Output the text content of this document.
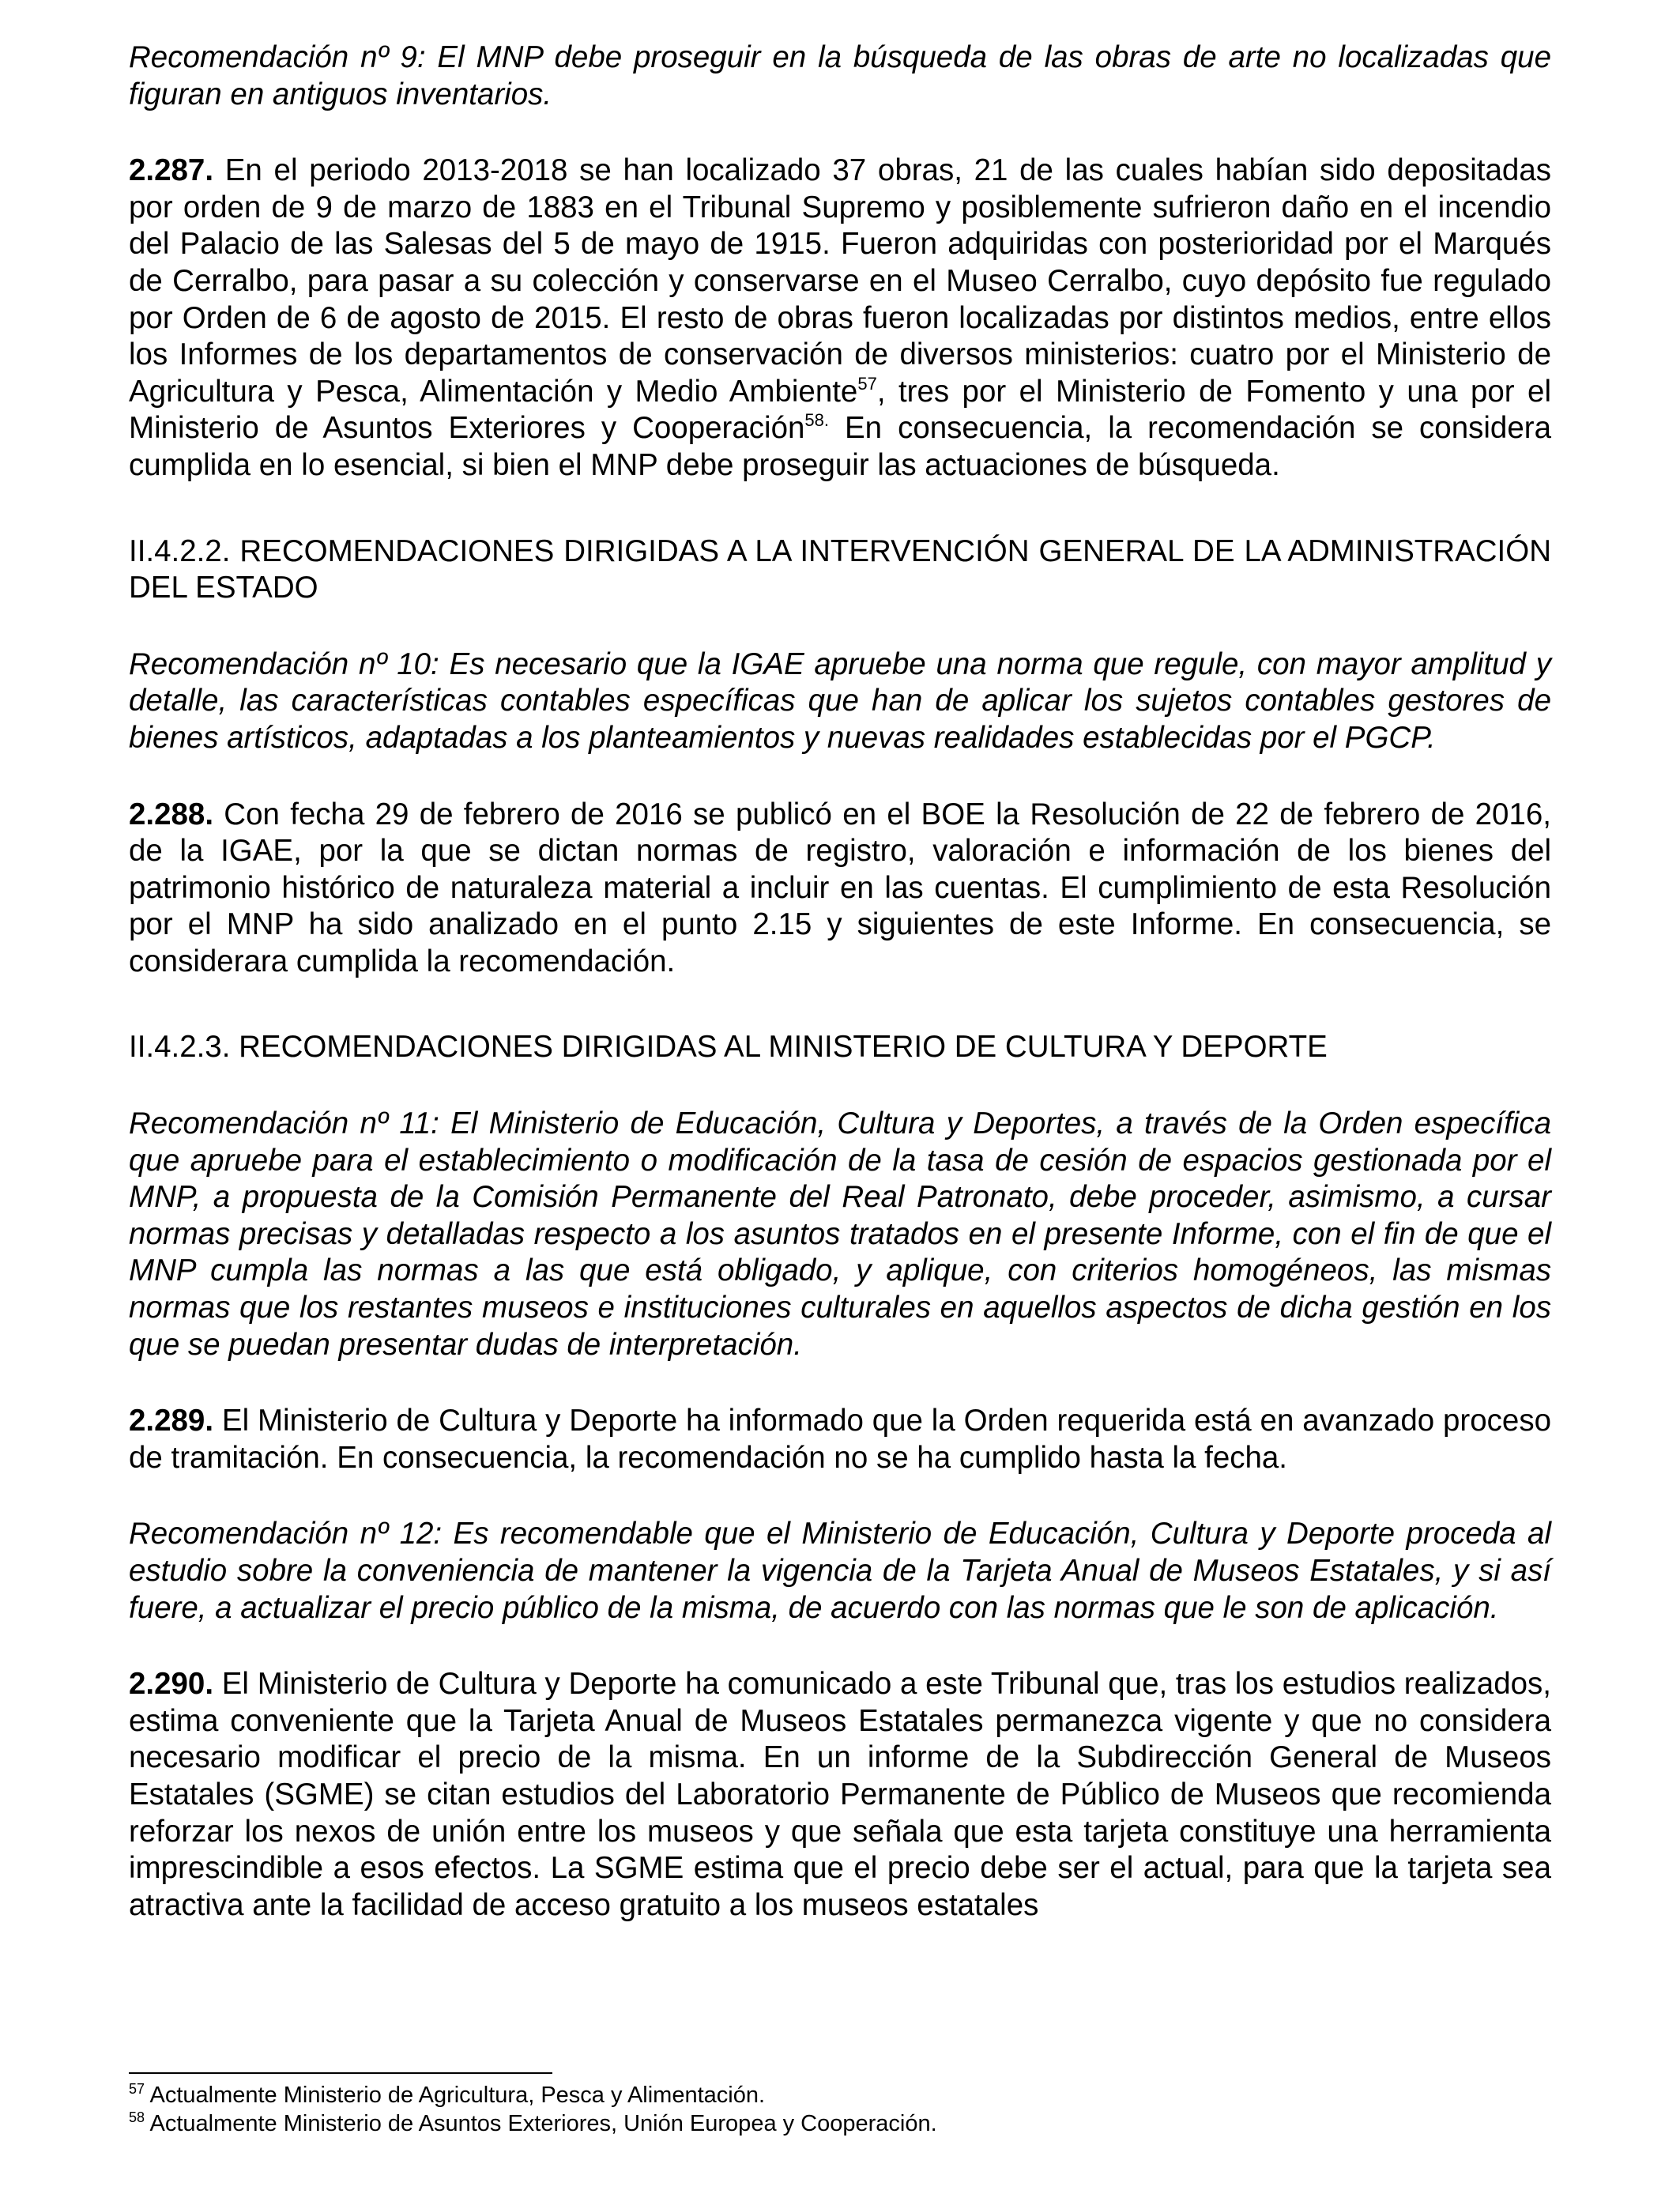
Recomendación nº 9: El MNP debe proseguir en la búsqueda de las obras de arte no localizadas que figuran en antiguos inventarios.

2.287. En el periodo 2013-2018 se han localizado 37 obras, 21 de las cuales habían sido depositadas por orden de 9 de marzo de 1883 en el Tribunal Supremo y posiblemente sufrieron daño en el incendio del Palacio de las Salesas del 5 de mayo de 1915. Fueron adquiridas con posterioridad por el Marqués de Cerralbo, para pasar a su colección y conservarse en el Museo Cerralbo, cuyo depósito fue regulado por Orden de 6 de agosto de 2015. El resto de obras fueron localizadas por distintos medios, entre ellos los Informes de los departamentos de conservación de diversos ministerios: cuatro por el Ministerio de Agricultura y Pesca, Alimentación y Medio Ambiente$^{57}$, tres por el Ministerio de Fomento y una por el Ministerio de Asuntos Exteriores y Cooperación$^{58.}$ En consecuencia, la recomendación se considera cumplida en lo esencial, si bien el MNP debe proseguir las actuaciones de búsqueda.

II.4.2.2. RECOMENDACIONES DIRIGIDAS A LA INTERVENCIÓN GENERAL DE LA ADMINISTRACIÓN DEL ESTADO

Recomendación nº 10: Es necesario que la IGAE apruebe una norma que regule, con mayor amplitud y detalle, las características contables específicas que han de aplicar los sujetos contables gestores de bienes artísticos, adaptadas a los planteamientos y nuevas realidades establecidas por el PGCP.

2.288. Con fecha 29 de febrero de 2016 se publicó en el BOE la Resolución de 22 de febrero de 2016, de la IGAE, por la que se dictan normas de registro, valoración e información de los bienes del patrimonio histórico de naturaleza material a incluir en las cuentas. El cumplimiento de esta Resolución por el MNP ha sido analizado en el punto 2.15 y siguientes de este Informe. En consecuencia, se considerara cumplida la recomendación.

II.4.2.3. RECOMENDACIONES DIRIGIDAS AL MINISTERIO DE CULTURA Y DEPORTE

Recomendación nº 11: El Ministerio de Educación, Cultura y Deportes, a través de la Orden específica que apruebe para el establecimiento o modificación de la tasa de cesión de espacios gestionada por el MNP, a propuesta de la Comisión Permanente del Real Patronato, debe proceder, asimismo, a cursar normas precisas y detalladas respecto a los asuntos tratados en el presente Informe, con el fin de que el MNP cumpla las normas a las que está obligado, y aplique, con criterios homogéneos, las mismas normas que los restantes museos e instituciones culturales en aquellos aspectos de dicha gestión en los que se puedan presentar dudas de interpretación.

2.289. El Ministerio de Cultura y Deporte ha informado que la Orden requerida está en avanzado proceso de tramitación. En consecuencia, la recomendación no se ha cumplido hasta la fecha.

Recomendación nº 12: Es recomendable que el Ministerio de Educación, Cultura y Deporte proceda al estudio sobre la conveniencia de mantener la vigencia de la Tarjeta Anual de Museos Estatales, y si así fuere, a actualizar el precio público de la misma, de acuerdo con las normas que le son de aplicación.

2.290. El Ministerio de Cultura y Deporte ha comunicado a este Tribunal que, tras los estudios realizados, estima conveniente que la Tarjeta Anual de Museos Estatales permanezca vigente y que no considera necesario modificar el precio de la misma. En un informe de la Subdirección General de Museos Estatales (SGME) se citan estudios del Laboratorio Permanente de Público de Museos que recomienda reforzar los nexos de unión entre los museos y que señala que esta tarjeta constituye una herramienta imprescindible a esos efectos. La SGME estima que el precio debe ser el actual, para que la tarjeta sea atractiva ante la facilidad de acceso gratuito a los museos estatales

$^{57}$ Actualmente Ministerio de Agricultura, Pesca y Alimentación.
$^{58}$ Actualmente Ministerio de Asuntos Exteriores, Unión Europea y Cooperación.
